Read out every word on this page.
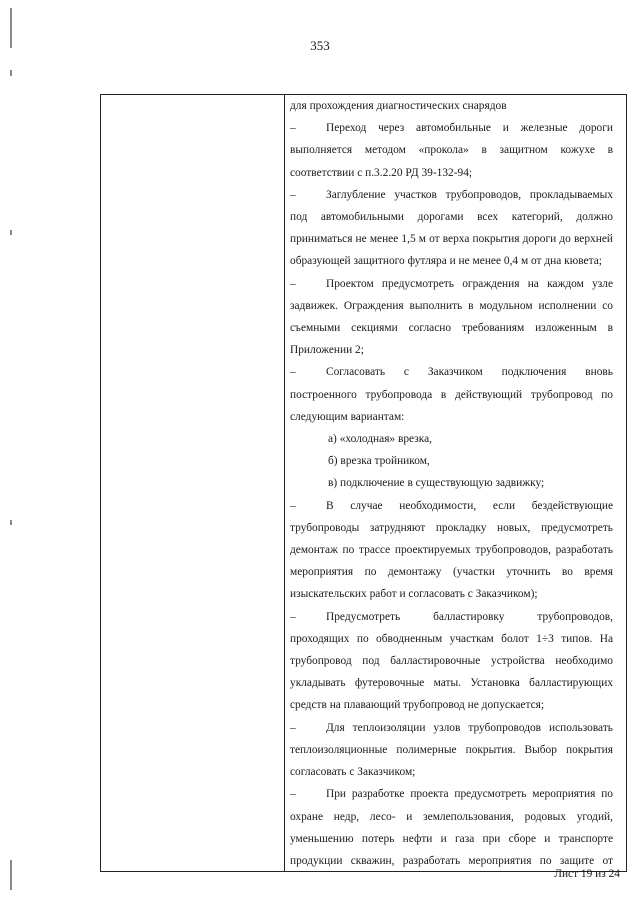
353

для прохождения диагностических снарядов

–	Переход через автомобильные и железные дороги выполняется методом «прокола» в защитном кожухе в соответствии с п.3.2.20 РД 39-132-94;

–	Заглубление участков трубопроводов, прокладываемых под автомобильными дорогами всех категорий, должно приниматься не менее 1,5 м от верха покрытия дороги до верхней образующей защитного футляра и не менее 0,4 м от дна кювета;

–	Проектом предусмотреть ограждения на каждом узле задвижек. Ограждения выполнить в модульном исполнении со съемными секциями согласно требованиям изложенным в Приложении 2;

–	Согласовать с Заказчиком подключения вновь построенного трубопровода в действующий трубопровод по следующим вариантам:

а) «холодная» врезка,

б) врезка тройником,

в) подключение в существующую задвижку;

–	В случае необходимости, если бездействующие трубопроводы затрудняют прокладку новых, предусмотреть демонтаж по трассе проектируемых трубопроводов, разработать мероприятия по демонтажу (участки уточнить во время изыскательских работ и согласовать с Заказчиком);

–	Предусмотреть балластировку трубопроводов, проходящих по обводненным участкам болот 1÷3 типов. На трубопровод под балластировочные устройства необходимо укладывать футеровочные маты. Установка балластирующих средств на плавающий трубопровод не допускается;

–	Для теплоизоляции узлов трубопроводов использовать теплоизоляционные полимерные покрытия. Выбор покрытия согласовать с Заказчиком;

–	При разработке проекта предусмотреть мероприятия по охране недр, лесо- и землепользования, родовых угодий, уменьшению потерь нефти и газа при сборе и транспорте продукции скважин, разработать мероприятия по защите от

Лист 19 из 24
